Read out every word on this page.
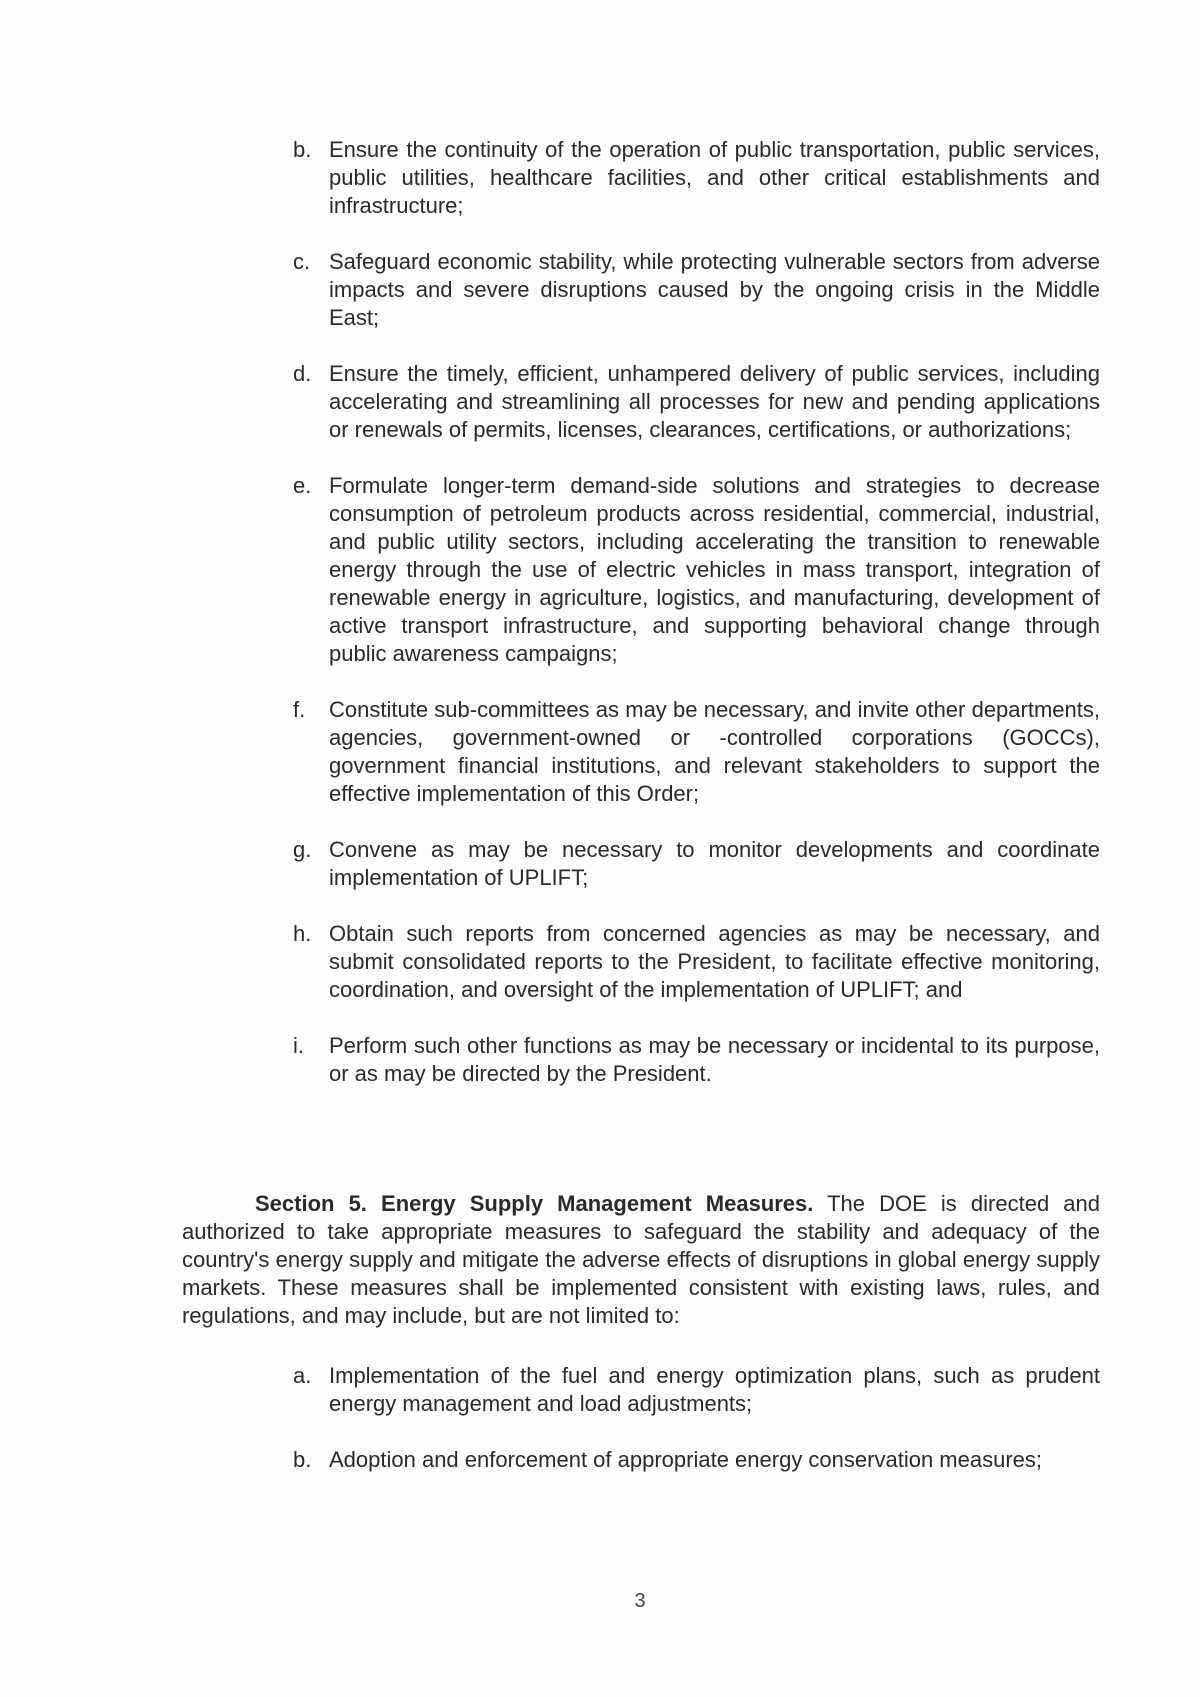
b. Ensure the continuity of the operation of public transportation, public services, public utilities, healthcare facilities, and other critical establishments and infrastructure;
c. Safeguard economic stability, while protecting vulnerable sectors from adverse impacts and severe disruptions caused by the ongoing crisis in the Middle East;
d. Ensure the timely, efficient, unhampered delivery of public services, including accelerating and streamlining all processes for new and pending applications or renewals of permits, licenses, clearances, certifications, or authorizations;
e. Formulate longer-term demand-side solutions and strategies to decrease consumption of petroleum products across residential, commercial, industrial, and public utility sectors, including accelerating the transition to renewable energy through the use of electric vehicles in mass transport, integration of renewable energy in agriculture, logistics, and manufacturing, development of active transport infrastructure, and supporting behavioral change through public awareness campaigns;
f. Constitute sub-committees as may be necessary, and invite other departments, agencies, government-owned or -controlled corporations (GOCCs), government financial institutions, and relevant stakeholders to support the effective implementation of this Order;
g. Convene as may be necessary to monitor developments and coordinate implementation of UPLIFT;
h. Obtain such reports from concerned agencies as may be necessary, and submit consolidated reports to the President, to facilitate effective monitoring, coordination, and oversight of the implementation of UPLIFT; and
i. Perform such other functions as may be necessary or incidental to its purpose, or as may be directed by the President.

Section 5. Energy Supply Management Measures. The DOE is directed and authorized to take appropriate measures to safeguard the stability and adequacy of the country's energy supply and mitigate the adverse effects of disruptions in global energy supply markets. These measures shall be implemented consistent with existing laws, rules, and regulations, and may include, but are not limited to:

a. Implementation of the fuel and energy optimization plans, such as prudent energy management and load adjustments;
b. Adoption and enforcement of appropriate energy conservation measures;
3
